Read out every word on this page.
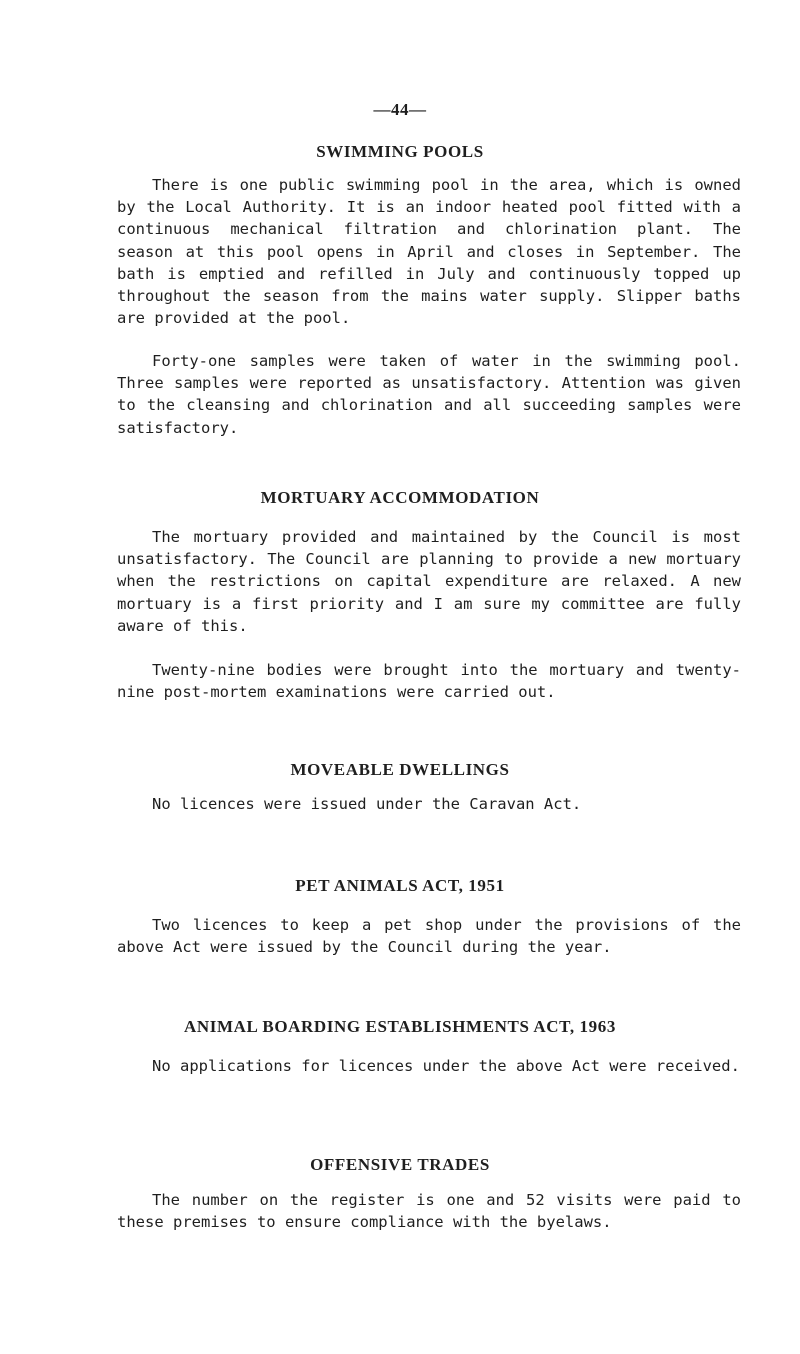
—44—
SWIMMING POOLS

There is one public swimming pool in the area, which is owned by the Local Authority. It is an indoor heated pool fitted with a continuous mechanical filtration and chlorination plant. The season at this pool opens in April and closes in September. The bath is emptied and refilled in July and continuously topped up throughout the season from the mains water supply. Slipper baths are provided at the pool.

Forty-one samples were taken of water in the swimming pool. Three samples were reported as unsatisfactory. Attention was given to the cleansing and chlorination and all succeeding samples were satisfactory.

MORTUARY ACCOMMODATION

The mortuary provided and maintained by the Council is most unsatisfactory. The Council are planning to provide a new mortuary when the restrictions on capital expenditure are relaxed. A new mortuary is a first priority and I am sure my committee are fully aware of this.

Twenty-nine bodies were brought into the mortuary and twenty-nine post-mortem examinations were carried out.

MOVEABLE DWELLINGS

No licences were issued under the Caravan Act.

PET ANIMALS ACT, 1951

Two licences to keep a pet shop under the provisions of the above Act were issued by the Council during the year.

ANIMAL BOARDING ESTABLISHMENTS ACT, 1963

No applications for licences under the above Act were received.

OFFENSIVE TRADES

The number on the register is one and 52 visits were paid to these premises to ensure compliance with the byelaws.
